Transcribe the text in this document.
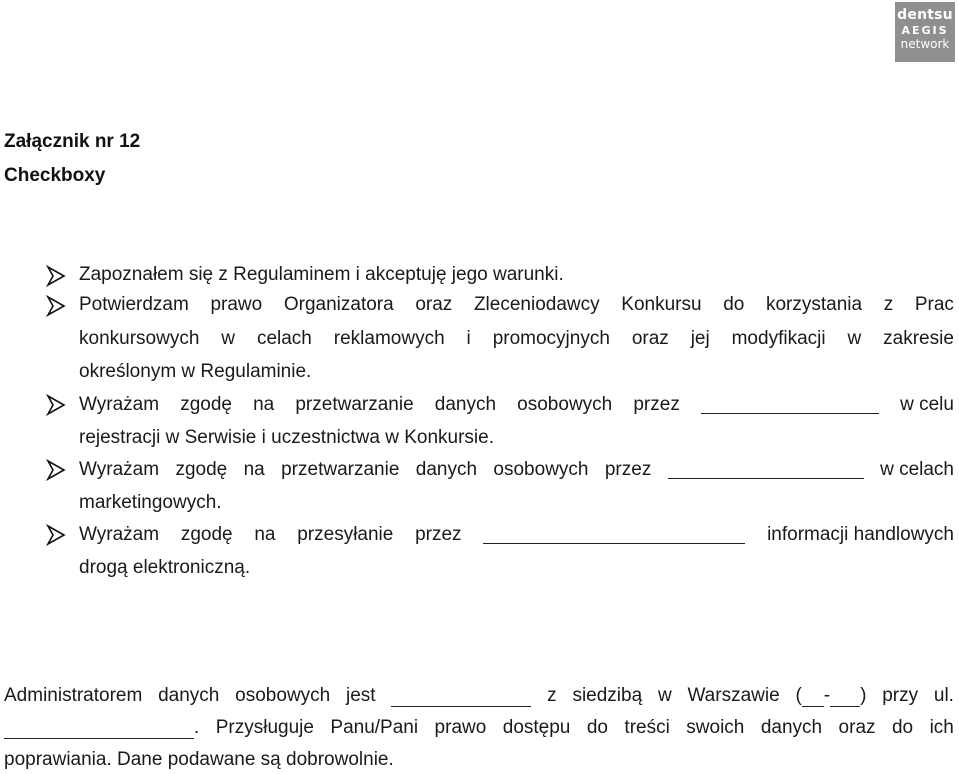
dentsu
AEGIS
network
Załącznik nr 12
Checkboxy
Zapoznałem się z Regulaminem i akceptuję jego warunki.
Potwierdzam prawo Organizatora oraz Zleceniodawcy Konkursu do korzystania z Prac
konkursowych w celach reklamowych i promocyjnych oraz jej modyfikacji w zakresie
określonym w Regulaminie.
Wyrażam zgodę na przetwarzanie danych osobowych przez	w celu
rejestracji w Serwisie i uczestnictwa w Konkursie.
Wyrażam zgodę na przetwarzanie danych osobowych przez	w celach
marketingowych.
Wyrażam zgodę na przesyłanie przez	informacji handlowych
drogą elektroniczną.
Administratorem danych osobowych jest	z siedzibą w Warszawie ( - ) przy ul.
. Przysługuje Panu/Pani prawo dostępu do treści swoich danych oraz do ich
poprawiania. Dane podawane są dobrowolnie.
